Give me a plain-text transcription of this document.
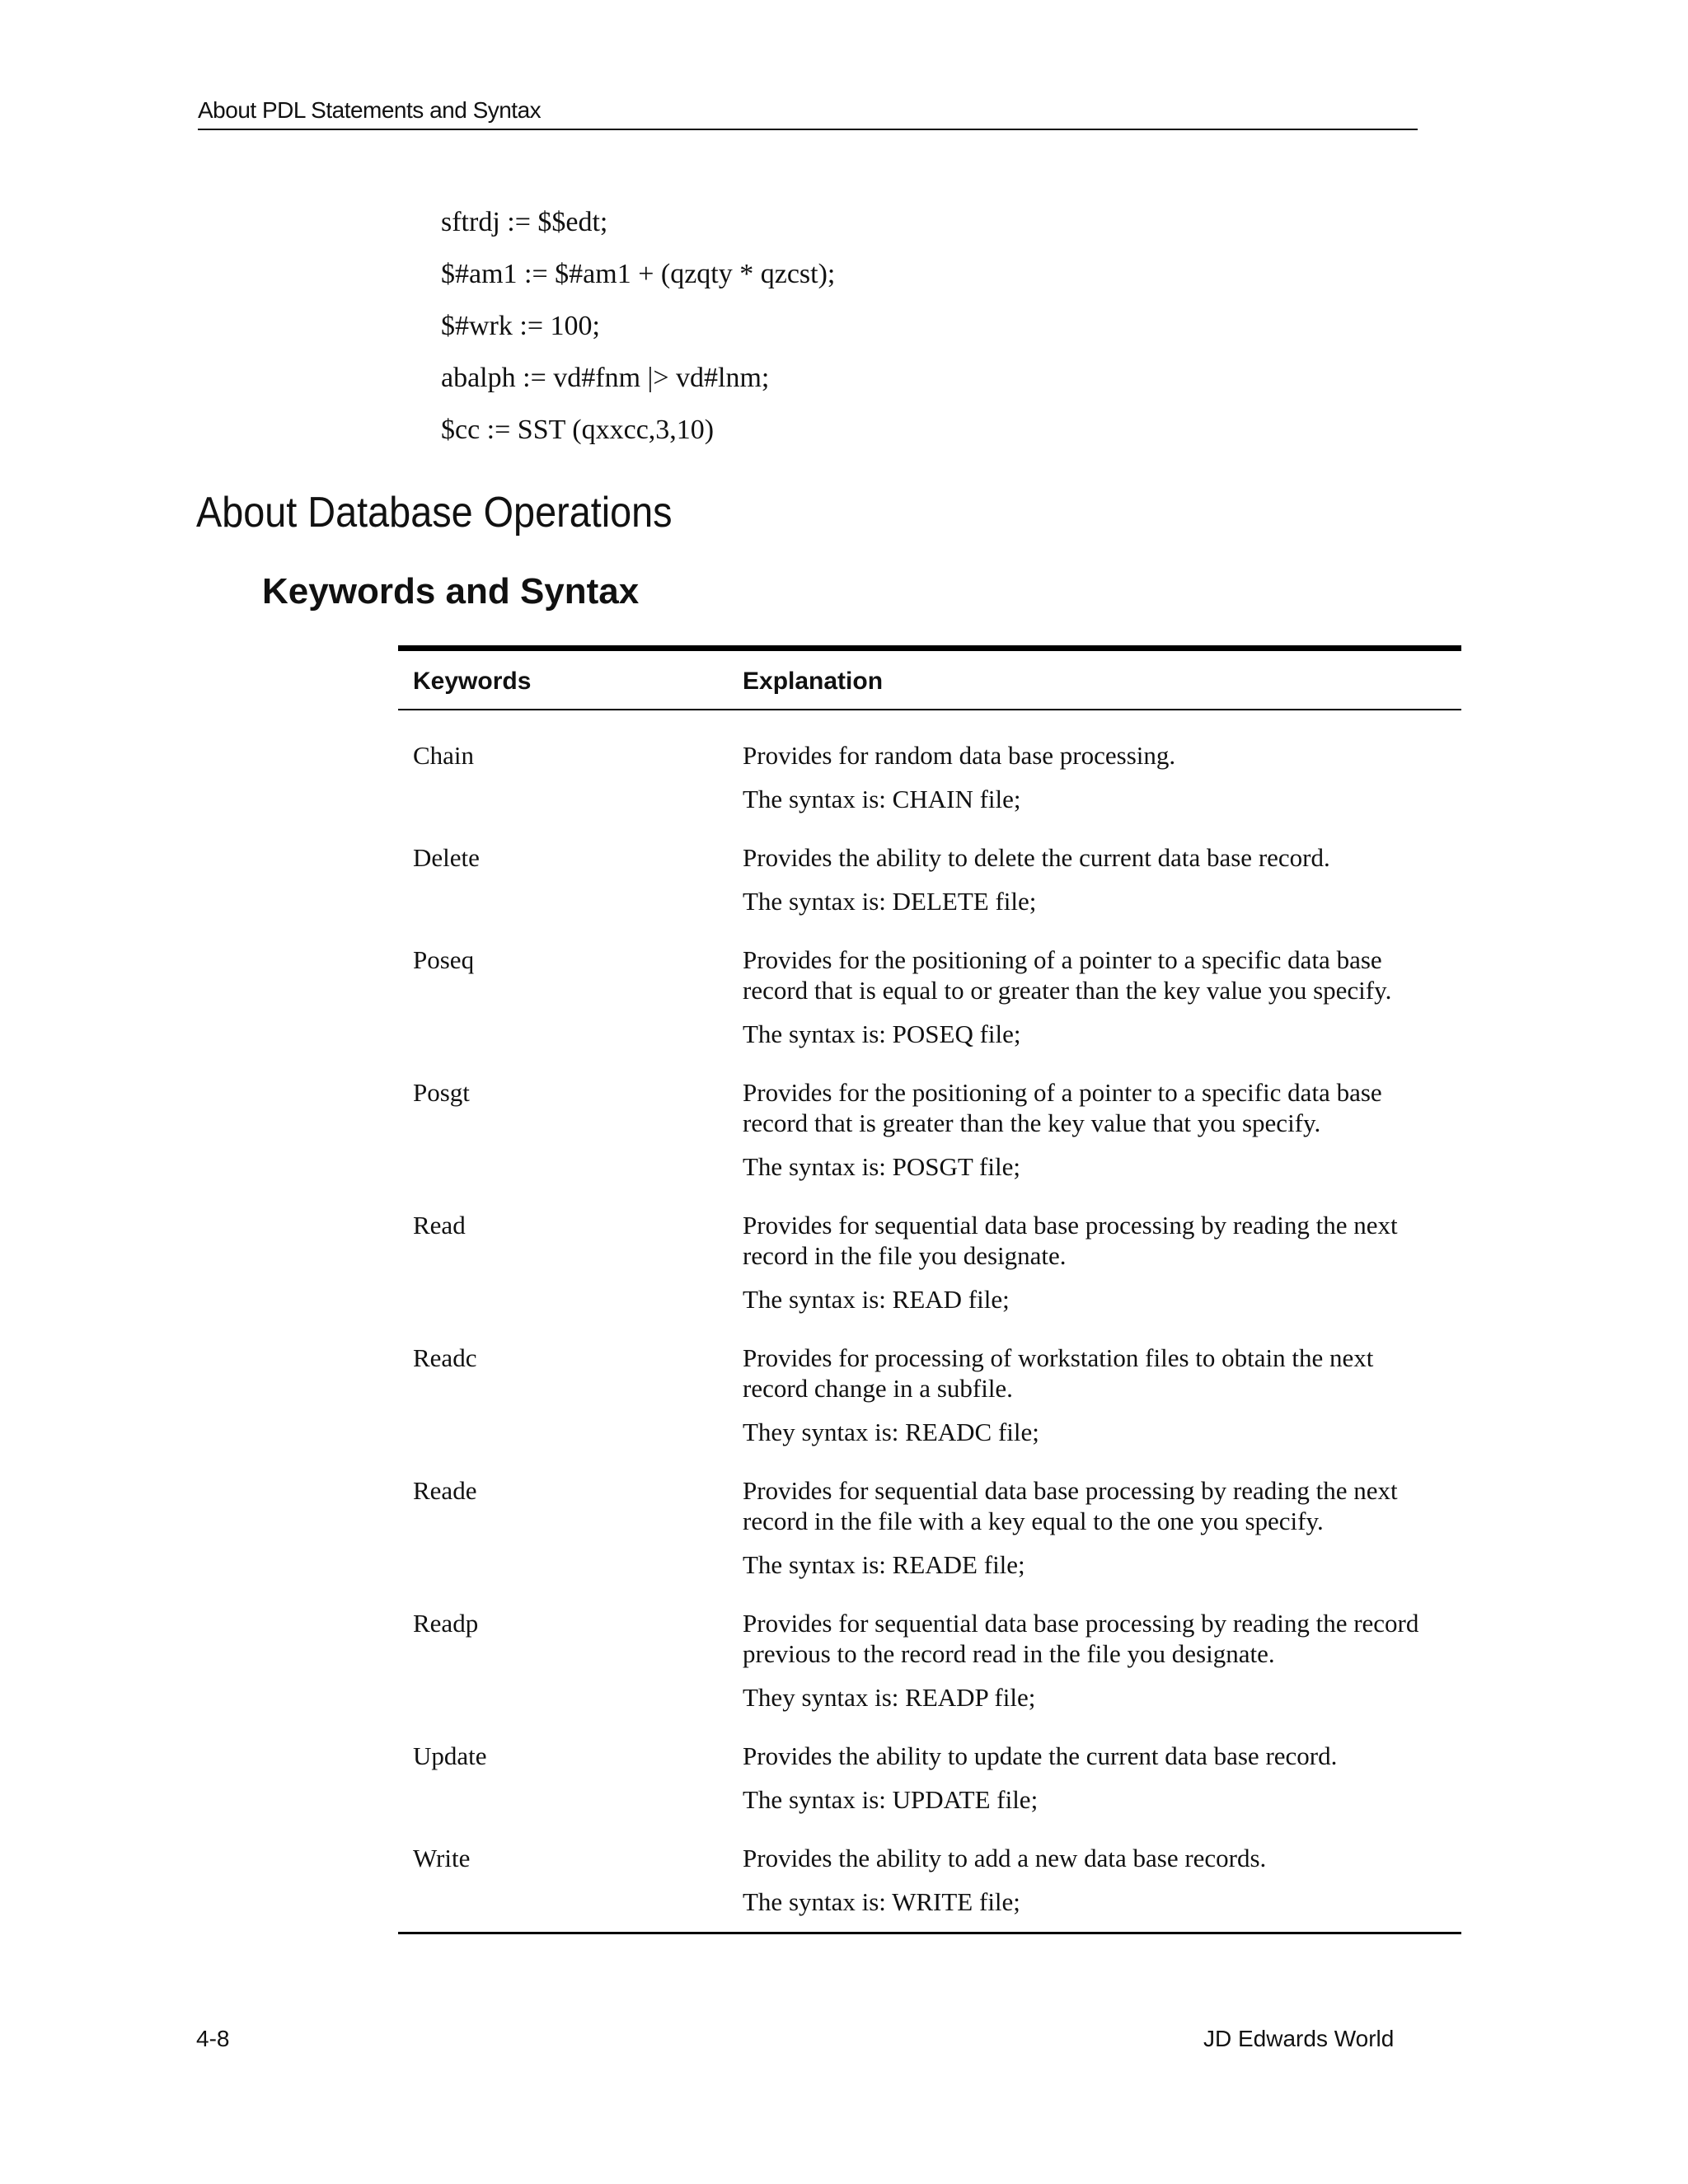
About PDL Statements and Syntax
sftrdj := $$edt;
$#am1 := $#am1 + (qzqty * qzcst);
$#wrk := 100;
abalph := vd#fnm |> vd#lnm;
$cc := SST (qxxcc,3,10)
About Database Operations
Keywords and Syntax
Keywords	Explanation
Chain	Provides for random data base processing.
The syntax is: CHAIN file;

Delete	Provides the ability to delete the current data base record.
The syntax is: DELETE file;

Poseq	Provides for the positioning of a pointer to a specific data base record that is equal to or greater than the key value you specify.
The syntax is: POSEQ file;

Posgt	Provides for the positioning of a pointer to a specific data base record that is greater than the key value that you specify.
The syntax is: POSGT file;

Read	Provides for sequential data base processing by reading the next record in the file you designate.
The syntax is: READ file;

Readc	Provides for processing of workstation files to obtain the next record change in a subfile.
They syntax is: READC file;

Reade	Provides for sequential data base processing by reading the next record in the file with a key equal to the one you specify.
The syntax is: READE file;

Readp	Provides for sequential data base processing by reading the record previous to the record read in the file you designate.
They syntax is: READP file;

Update	Provides the ability to update the current data base record.
The syntax is: UPDATE file;

Write	Provides the ability to add a new data base records.
The syntax is: WRITE file;
4-8	JD Edwards World
